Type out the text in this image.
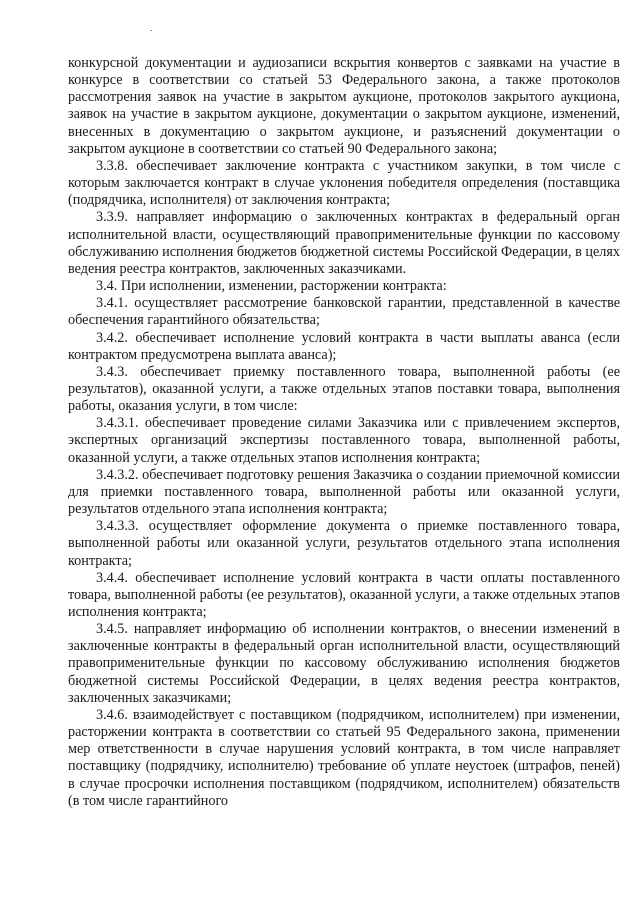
конкурсной документации и аудиозаписи вскрытия конвертов с заявками на участие в конкурсе в соответствии со статьей 53 Федерального закона, а также протоколов рассмотрения заявок на участие в закрытом аукционе, протоколов закрытого аукциона, заявок на участие в закрытом аукционе, документации о закрытом аукционе, изменений, внесенных в документацию о закрытом аукционе, и разъяснений документации о закрытом аукционе в соответствии со статьей 90 Федерального закона;

3.3.8. обеспечивает заключение контракта с участником закупки, в том числе с которым заключается контракт в случае уклонения победителя определения (поставщика (подрядчика, исполнителя) от заключения контракта;

3.3.9. направляет информацию о заключенных контрактах в федеральный орган исполнительной власти, осуществляющий правоприменительные функции по кассовому обслуживанию исполнения бюджетов бюджетной системы Российской Федерации, в целях ведения реестра контрактов, заключенных заказчиками.

3.4. При исполнении, изменении, расторжении контракта:

3.4.1. осуществляет рассмотрение банковской гарантии, представленной в качестве обеспечения гарантийного обязательства;

3.4.2. обеспечивает исполнение условий контракта в части выплаты аванса (если контрактом предусмотрена выплата аванса);

3.4.3. обеспечивает приемку поставленного товара, выполненной работы (ее результатов), оказанной услуги, а также отдельных этапов поставки товара, выполнения работы, оказания услуги, в том числе:

3.4.3.1. обеспечивает проведение силами Заказчика или с привлечением экспертов, экспертных организаций экспертизы поставленного товара, выполненной работы, оказанной услуги, а также отдельных этапов исполнения контракта;

3.4.3.2. обеспечивает подготовку решения Заказчика о создании приемочной комиссии для приемки поставленного товара, выполненной работы или оказанной услуги, результатов отдельного этапа исполнения контракта;

3.4.3.3. осуществляет оформление документа о приемке поставленного товара, выполненной работы или оказанной услуги, результатов отдельного этапа исполнения контракта;

3.4.4. обеспечивает исполнение условий контракта в части оплаты поставленного товара, выполненной работы (ее результатов), оказанной услуги, а также отдельных этапов исполнения контракта;

3.4.5. направляет информацию об исполнении контрактов, о внесении изменений в заключенные контракты в федеральный орган исполнительной власти, осуществляющий правоприменительные функции по кассовому обслуживанию исполнения бюджетов бюджетной системы Российской Федерации, в целях ведения реестра контрактов, заключенных заказчиками;

3.4.6. взаимодействует с поставщиком (подрядчиком, исполнителем) при изменении, расторжении контракта в соответствии со статьей 95 Федерального закона, применении мер ответственности в случае нарушения условий контракта, в том числе направляет поставщику (подрядчику, исполнителю) требование об уплате неустоек (штрафов, пеней) в случае просрочки исполнения поставщиком (подрядчиком, исполнителем) обязательств (в том числе гарантийного
